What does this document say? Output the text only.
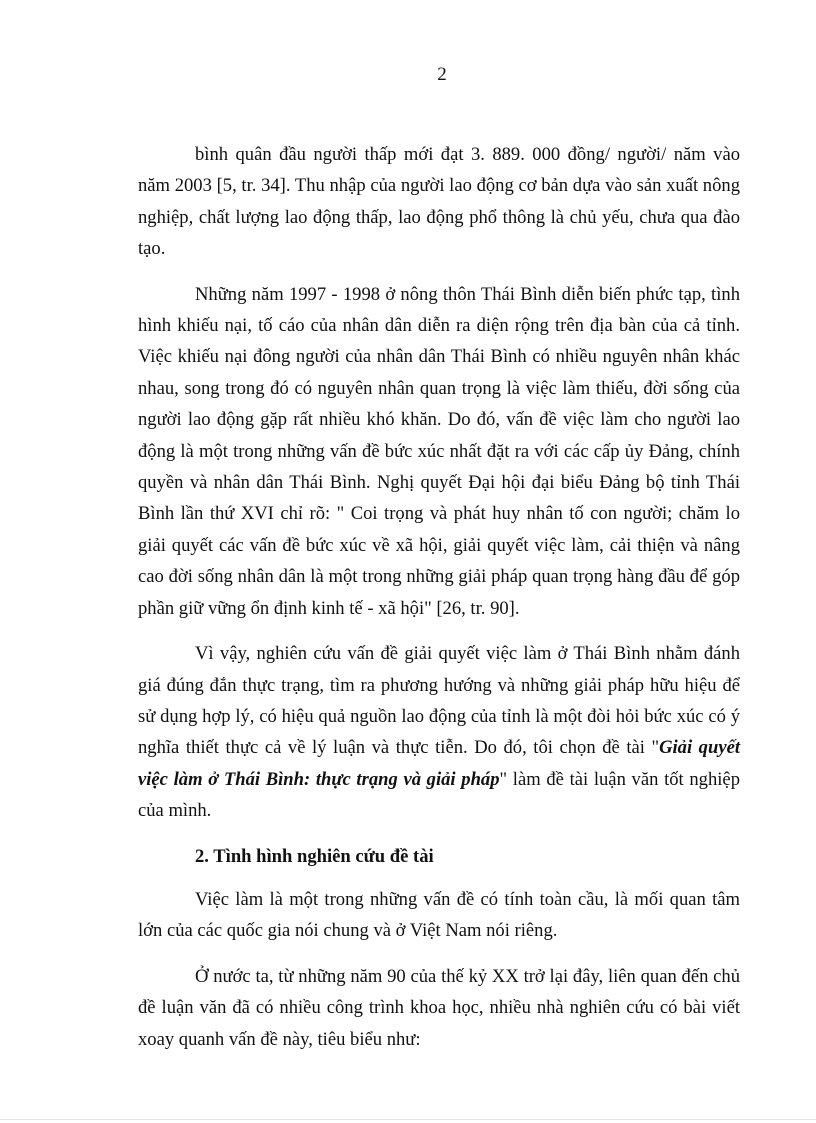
2

bình quân đầu người thấp mới đạt 3. 889. 000 đồng/ người/ năm vào năm 2003 [5, tr. 34]. Thu nhập của người lao động cơ bản dựa vào sản xuất nông nghiệp, chất lượng lao động thấp, lao động phổ thông là chủ yếu, chưa qua đào tạo.

Những năm 1997 - 1998 ở nông thôn Thái Bình diễn biến phức tạp, tình hình khiếu nại, tố cáo của nhân dân diễn ra diện rộng trên địa bàn của cả tỉnh. Việc khiếu nại đông người của nhân dân Thái Bình có nhiều nguyên nhân khác nhau, song trong đó có nguyên nhân quan trọng là việc làm thiếu, đời sống của người lao động gặp rất nhiều khó khăn. Do đó, vấn đề việc làm cho người lao động là một trong những vấn đề bức xúc nhất đặt ra với các cấp ủy Đảng, chính quyền và nhân dân Thái Bình. Nghị quyết Đại hội đại biểu Đảng bộ tỉnh Thái Bình lần thứ XVI chỉ rõ: " Coi trọng và phát huy nhân tố con người; chăm lo giải quyết các vấn đề bức xúc về xã hội, giải quyết việc làm, cải thiện và nâng cao đời sống nhân dân là một trong những giải pháp quan trọng hàng đầu để góp phần giữ vững ổn định kinh tế - xã hội" [26, tr. 90].

Vì vậy, nghiên cứu vấn đề giải quyết việc làm ở Thái Bình nhằm đánh giá đúng đắn thực trạng, tìm ra phương hướng và những giải pháp hữu hiệu để sử dụng hợp lý, có hiệu quả nguồn lao động của tỉnh là một đòi hỏi bức xúc có ý nghĩa thiết thực cả về lý luận và thực tiễn. Do đó, tôi chọn đề tài "Giải quyết việc làm ở Thái Bình: thực trạng và giải pháp" làm đề tài luận văn tốt nghiệp của mình.

2. Tình hình nghiên cứu đề tài

Việc làm là một trong những vấn đề có tính toàn cầu, là mối quan tâm lớn của các quốc gia nói chung và ở Việt Nam nói riêng.

Ở nước ta, từ những năm 90 của thế kỷ XX trở lại đây, liên quan đến chủ đề luận văn đã có nhiều công trình khoa học, nhiều nhà nghiên cứu có bài viết xoay quanh vấn đề này, tiêu biểu như:
